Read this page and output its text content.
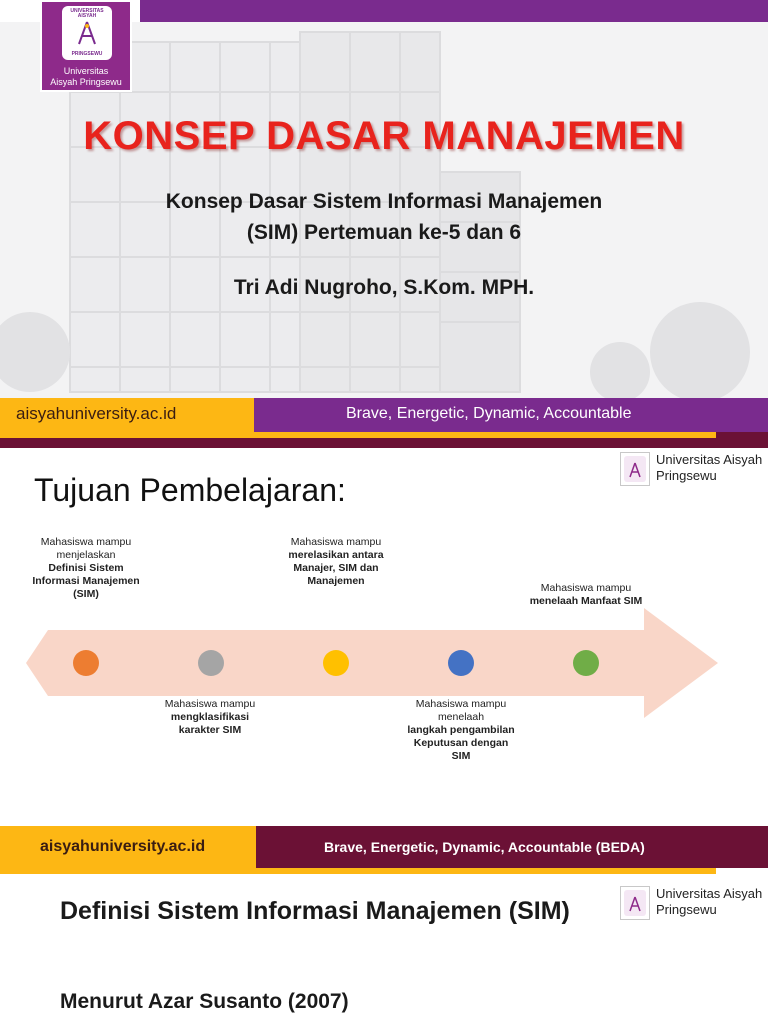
UNIVERSITAS AISYAH
PRINGSEWU
Universitas
Aisyah Pringsewu
KONSEP DASAR MANAJEMEN
Konsep Dasar Sistem Informasi Manajemen
(SIM) Pertemuan ke-5 dan 6
Tri Adi Nugroho, S.Kom. MPH.
aisyahuniversity.ac.id	Brave, Energetic, Dynamic, Accountable
Universitas Aisyah
Pringsewu
Tujuan Pembelajaran:
Mahasiswa mampu menjelaskan
Definisi Sistem Informasi Manajemen (SIM)
Mahasiswa mampu
mengklasifikasi karakter SIM
Mahasiswa mampu
merelasikan antara Manajer, SIM dan Manajemen
Mahasiswa mampu menelaah
langkah pengambilan Keputusan dengan SIM
Mahasiswa mampu
menelaah Manfaat SIM
aisyahuniversity.ac.id	Brave, Energetic, Dynamic, Accountable (BEDA)
Universitas Aisyah
Pringsewu
Definisi Sistem Informasi Manajemen (SIM)
Menurut Azar Susanto (2007)
